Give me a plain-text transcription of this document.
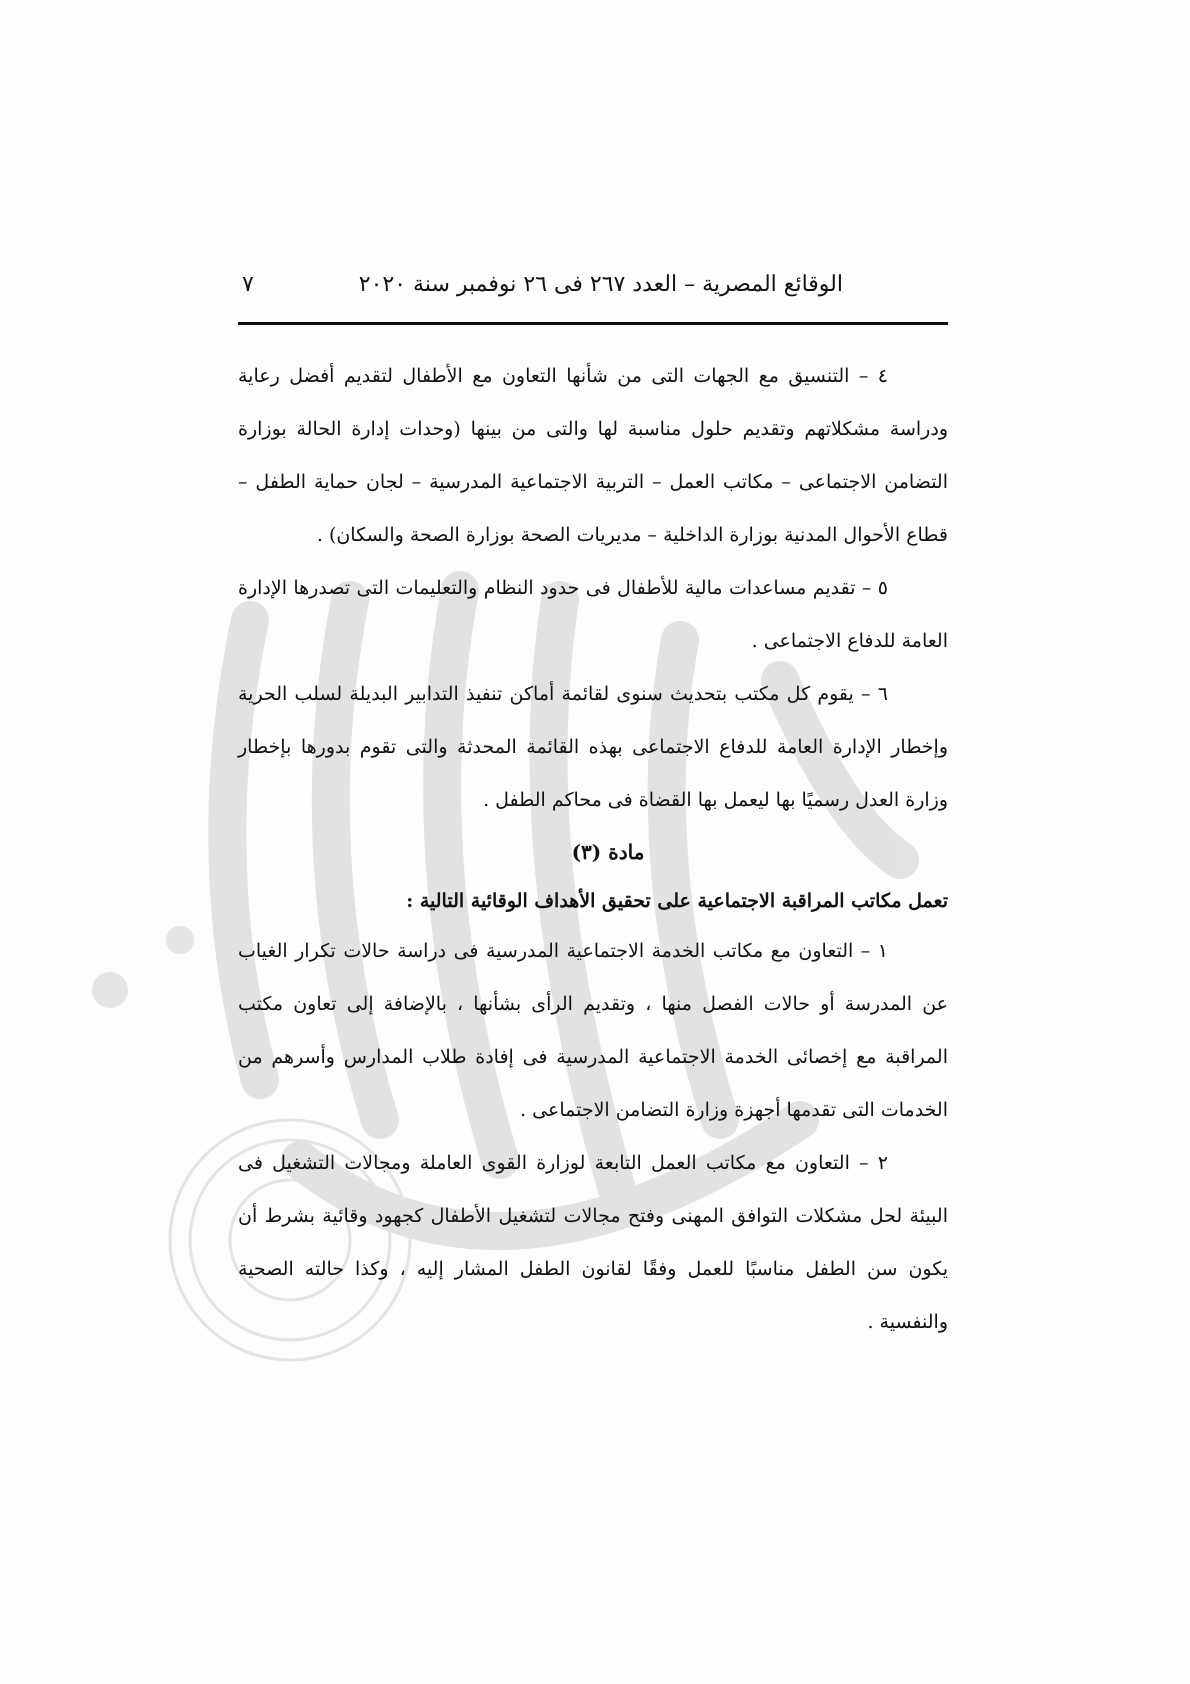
الوقائع المصرية – العدد ٢٦٧ فى ٢٦ نوفمبر سنة ٢٠٢٠
٧

٤ – التنسيق مع الجهات التى من شأنها التعاون مع الأطفال لتقديم أفضل رعاية ودراسة مشكلاتهم وتقديم حلول مناسبة لها والتى من بينها (وحدات إدارة الحالة بوزارة التضامن الاجتماعى – مكاتب العمل – التربية الاجتماعية المدرسية – لجان حماية الطفل – قطاع الأحوال المدنية بوزارة الداخلية – مديريات الصحة بوزارة الصحة والسكان) .

٥ – تقديم مساعدات مالية للأطفال فى حدود النظام والتعليمات التى تصدرها الإدارة العامة للدفاع الاجتماعى .

٦ – يقوم كل مكتب بتحديث سنوى لقائمة أماكن تنفيذ التدابير البديلة لسلب الحرية وإخطار الإدارة العامة للدفاع الاجتماعى بهذه القائمة المحدثة والتى تقوم بدورها بإخطار وزارة العدل رسميًا بها ليعمل بها القضاة فى محاكم الطفل .

مادة (٣)

تعمل مكاتب المراقبة الاجتماعية على تحقيق الأهداف الوقائية التالية :

١ – التعاون مع مكاتب الخدمة الاجتماعية المدرسية فى دراسة حالات تكرار الغياب عن المدرسة أو حالات الفصل منها ، وتقديم الرأى بشأنها ، بالإضافة إلى تعاون مكتب المراقبة مع إخصائى الخدمة الاجتماعية المدرسية فى إفادة طلاب المدارس وأسرهم من الخدمات التى تقدمها أجهزة وزارة التضامن الاجتماعى .

٢ – التعاون مع مكاتب العمل التابعة لوزارة القوى العاملة ومجالات التشغيل فى البيئة لحل مشكلات التوافق المهنى وفتح مجالات لتشغيل الأطفال كجهود وقائية بشرط أن يكون سن الطفل مناسبًا للعمل وفقًا لقانون الطفل المشار إليه ، وكذا حالته الصحية والنفسية .
